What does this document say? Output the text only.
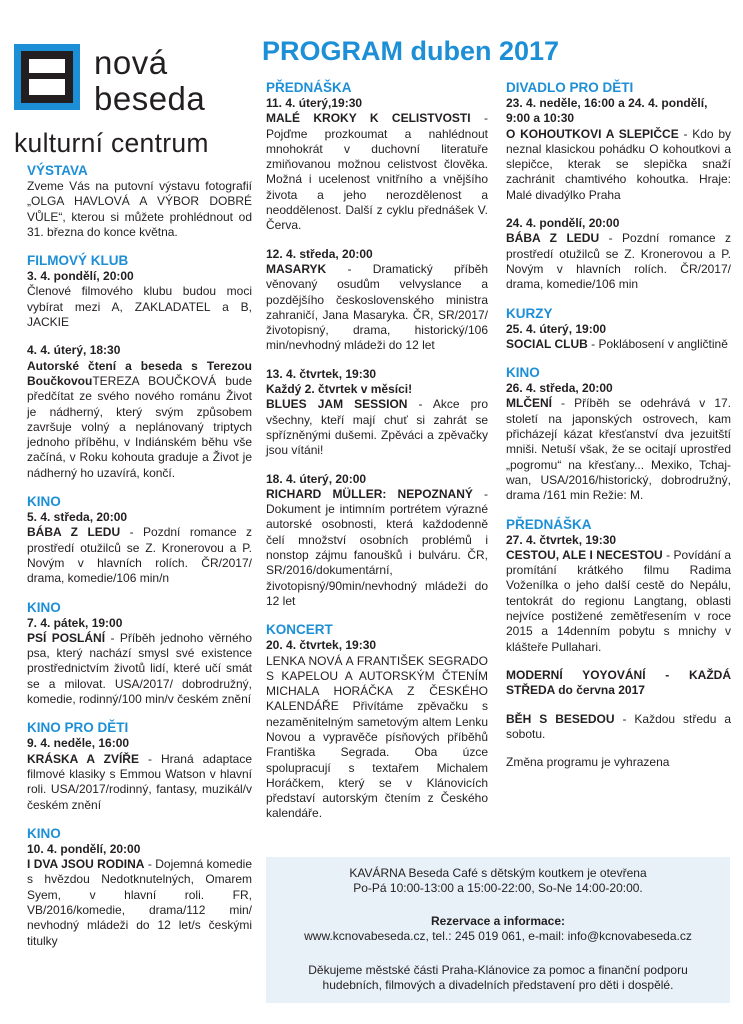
nová
beseda
kulturní centrum
PROGRAM duben 2017
VÝSTAVA
Zveme Vás na putovní výstavu fotografií „OLGA HAVLOVÁ A VÝBOR DOBRÉ VŮLE“, kterou si můžete prohlédnout od 31. března do konce května.
FILMOVÝ KLUB
3. 4. pondělí, 20:00
Členové filmového klubu budou moci vybírat mezi A, ZAKLADATEL a B, JACKIE
4. 4. úterý, 18:30
Autorské čtení a beseda s Terezou BoučkovouTEREZA BOUČKOVÁ bude předčítat ze svého nového románu Život je nádherný, který svým způsobem završuje volný a neplánovaný triptych jednoho příběhu, v Indiánském běhu vše začíná, v Roku kohouta graduje a Život je nádherný ho uzavírá, končí.
KINO
5. 4. středa, 20:00
BÁBA Z LEDU - Pozdní romance z prostředí otužilců se Z. Kronerovou a P. Novým v hlavních rolích. ČR/2017/ drama, komedie/106 min/n
KINO
7. 4. pátek, 19:00
PSÍ POSLÁNÍ - Příběh jednoho věrného psa, který nachází smysl své existence prostřednictvím životů lidí, které učí smát se a milovat. USA/2017/ dobrodružný, komedie, rodinný/100 min/v českém znění
KINO PRO DĚTI
9. 4. neděle, 16:00
KRÁSKA A ZVÍŘE - Hraná adaptace filmové klasiky s Emmou Watson v hlavní roli. USA/2017/rodinný, fantasy, muzikál/v českém znění
KINO
10. 4. pondělí, 20:00
I DVA JSOU RODINA - Dojemná komedie s hvězdou Nedotknutelných, Omarem Syem, v hlavní roli. FR, VB/2016/komedie, drama/112 min/ nevhodný mládeži do 12 let/s českými titulky
PŘEDNÁŠKA
11. 4. úterý,19:30
MALÉ KROKY K CELISTVOSTI - Pojďme prozkoumat a nahlédnout mnohokrát v duchovní literatuře zmiňovanou možnou celistvost člověka. Možná i ucelenost vnitřního a vnějšího života a jeho nerozdělenost a neoddělenost. Další z cyklu přednášek V. Červa.
12. 4. středa, 20:00
MASARYK - Dramatický příběh věnovaný osudům velvyslance a pozdějšího československého ministra zahraničí, Jana Masaryka. ČR, SR/2017/ životopisný, drama, historický/106 min/nevhodný mládeži do 12 let
13. 4. čtvrtek, 19:30
Každý 2. čtvrtek v měsíci!
BLUES JAM SESSION - Akce pro všechny, kteří mají chuť si zahrát se spřízněnými dušemi. Zpěváci a zpěvačky jsou vítáni!
18. 4. úterý, 20:00
RICHARD MÜLLER: NEPOZNANÝ - Dokument je intimním portrétem výrazné autorské osobnosti, která každodenně čelí množství osobních problémů i nonstop zájmu fanoušků i bulváru. ČR, SR/2016/dokumentární, životopisný/90min/nevhodný mládeži do 12 let
KONCERT
20. 4. čtvrtek, 19:30
LENKA NOVÁ A FRANTIŠEK SEGRADO S KAPELOU A AUTORSKÝM ČTENÍM MICHALA HORÁČKA Z ČESKÉHO KALENDÁŘE Přivítáme zpěvačku s nezaměnitelným sametovým altem Lenku Novou a vypravěče písňových příběhů Františka Segrada. Oba úzce spolupracují s textařem Michalem Horáčkem, který se v Klánovicích představí autorským čtením z Českého kalendáře.
DIVADLO PRO DĚTI
23. 4. neděle, 16:00 a 24. 4. pondělí, 9:00 a 10:30
O KOHOUTKOVI A SLEPIČCE - Kdo by neznal klasickou pohádku O kohoutkovi a slepičce, kterak se slepička snaží zachránit chamtivého kohoutka. Hraje: Malé divadýlko Praha
24. 4. pondělí, 20:00
BÁBA Z LEDU - Pozdní romance z prostředí otužilců se Z. Kronerovou a P. Novým v hlavních rolích. ČR/2017/ drama, komedie/106 min
KURZY
25. 4. úterý, 19:00
SOCIAL CLUB - Poklábosení v angličtině
KINO
26. 4. středa, 20:00
MLČENÍ - Příběh se odehrává v 17. století na japonských ostrovech, kam přicházejí kázat křesťanství dva jezuitští mniši. Netuší však, že se ocitají uprostřed „pogromu“ na křesťany... Mexiko, Tchaj-wan, USA/2016/historický, dobrodružný, drama /161 min Režie: M.
PŘEDNÁŠKA
27. 4. čtvrtek, 19:30
CESTOU, ALE I NECESTOU - Povídání a promítání krátkého filmu Radima Voženílka o jeho další cestě do Nepálu, tentokrát do regionu Langtang, oblasti nejvíce postižené zemětřesením v roce 2015 a 14denním pobytu s mnichy v klášteře Pullahari.
MODERNÍ YOYOVÁNÍ - KAŽDÁ STŘEDA do června 2017
BĚH S BESEDOU - Každou středu a sobotu.
Změna programu je vyhrazena

KAVÁRNA Beseda Café s dětským koutkem je otevřena

Po-Pá 10:00-13:00 a 15:00-22:00, So-Ne 14:00-20:00.

Rezervace a informace:

www.kcnovabeseda.cz, tel.: 245 019 061, e-mail: info@kcnovabeseda.cz

Děkujeme městské části Praha-Klánovice za pomoc a finanční podporu hudebních, filmových a divadelních představení pro děti i dospělé.
